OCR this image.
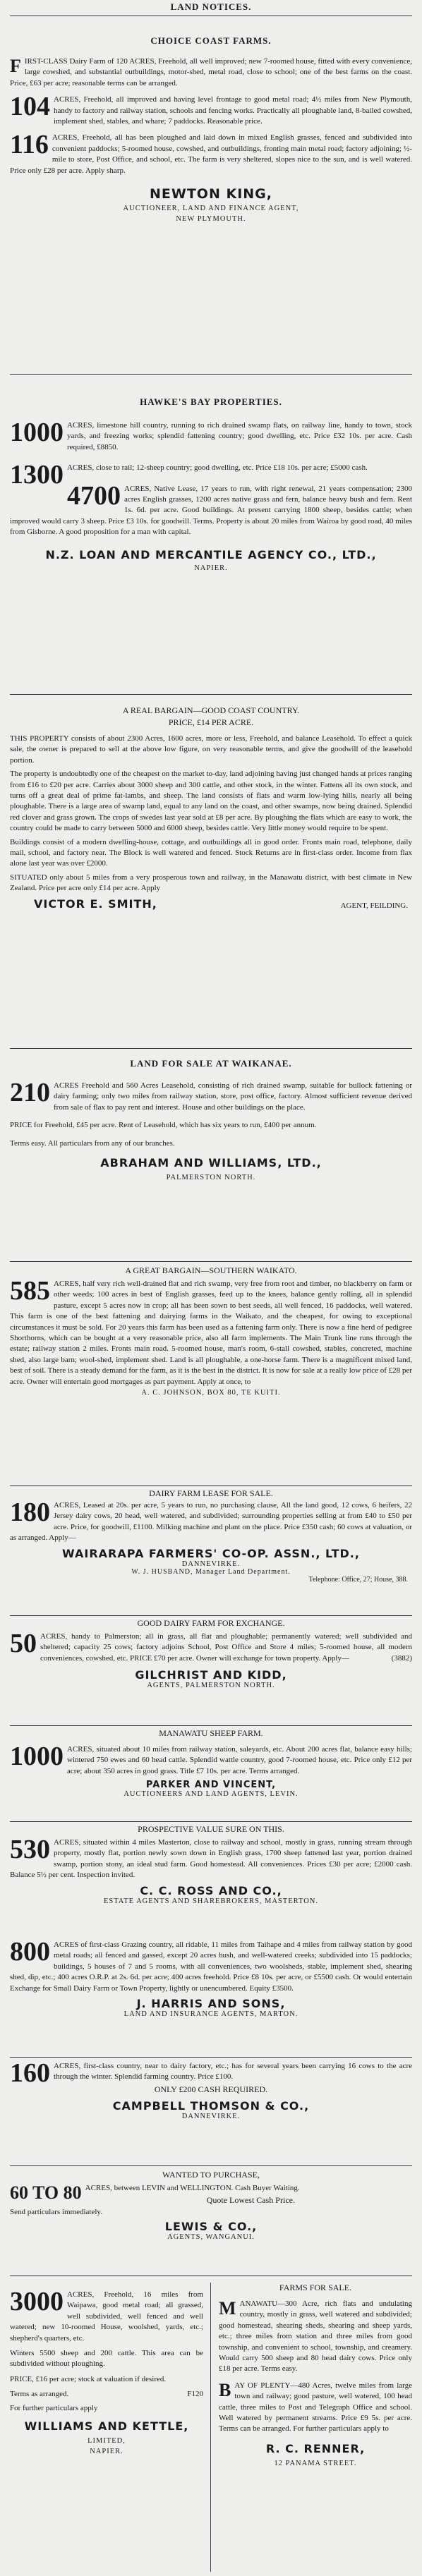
LAND NOTICES.
CHOICE COAST FARMS.
F IRST-CLASS Dairy Farm of 120 ACRES, Freehold, all well improved; new 7-roomed house, fitted with every convenience, large cowshed, and substantial outbuildings, motor-shed, metal road, close to school; one of the best farms on the coast. Price, £63 per acre; reasonable terms can be arranged.
104 ACRES, Freehold, all improved and having level frontage to good metal road; 4½ miles from New Plymouth, handy to factory and railway station, schools and fencing works. Practically all ploughable land, 8-bailed cowshed, implement shed, stables, and whare; 7 paddocks. Reasonable price.
116 ACRES, Freehold, all has been ploughed and laid down in mixed English grasses, fenced and subdivided into convenient paddocks; 5-roomed house, cowshed, and outbuildings, fronting main metal road; factory adjoining; ½-mile to store, Post Office, and school, etc. The farm is very sheltered, slopes nice to the sun, and is well watered. Price only £28 per acre. Apply sharp.
NEWTON KING,
AUCTIONEER, LAND AND FINANCE AGENT,
NEW PLYMOUTH.
HAWKE'S BAY PROPERTIES.
1000 ACRES, limestone hill country, running to rich drained swamp flats, on railway line, handy to town, stock yards, and freezing works; splendid fattening country; good dwelling, etc. Price £32 10s. per acre. Cash required, £8850.
1300 ACRES, close to rail; 12-sheep country; good dwelling, etc. Price £18 10s. per acre; £5000 cash.
4700 ACRES, Native Lease, 17 years to run, with right renewal, 21 years compensation; 2300 acres English grasses, 1200 acres native grass and fern, balance heavy bush and fern. Rent 1s. 6d. per acre. Good buildings. At present carrying 1800 sheep, besides cattle; when improved would carry 3 sheep. Price £3 10s. for goodwill. Terms. Property is about 20 miles from Wairoa by good road, 40 miles from Gisborne. A good proposition for a man with capital.
N.Z. LOAN AND MERCANTILE AGENCY CO., LTD.,
NAPIER.
A REAL BARGAIN—GOOD COAST COUNTRY.
PRICE, £14 PER ACRE.
THIS PROPERTY consists of about 2300 Acres, 1600 acres, more or less, Freehold, and balance Leasehold. To effect a quick sale, the owner is prepared to sell at the above low figure, on very reasonable terms, and give the goodwill of the leasehold portion.
The property is undoubtedly one of the cheapest on the market to-day, land adjoining having just changed hands at prices ranging from £16 to £20 per acre. Carries about 3000 sheep and 300 cattle, and other stock, in the winter. Fattens all its own stock, and turns off a great deal of prime fat-lambs, and sheep. The land consists of flats and warm low-lying hills, nearly all being ploughable. There is a large area of swamp land, equal to any land on the coast, and other swamps, now being drained. Splendid red clover and grass grown. The crops of swedes last year sold at £8 per acre. By ploughing the flats which are easy to work, the country could be made to carry between 5000 and 6000 sheep, besides cattle. Very little money would require to be spent.
Buildings consist of a modern dwelling-house, cottage, and outbuildings all in good order. Fronts main road, telephone, daily mail, school, and factory near. The Block is well watered and fenced. Stock Returns are in first-class order. Income from flax alone last year was over £2000.
SITUATED only about 5 miles from a very prosperous town and railway, in the Manawatu district, with best climate in New Zealand. Price per acre only £14 per acre. Apply
VICTOR E. SMITH,	AGENT, FEILDING.
LAND FOR SALE AT WAIKANAE.
210 ACRES Freehold and 560 Acres Leasehold, consisting of rich drained swamp, suitable for bullock fattening or dairy farming; only two miles from railway station, store, post office, factory. Almost sufficient revenue derived from sale of flax to pay rent and interest. House and other buildings on the place.
PRICE for Freehold, £45 per acre. Rent of Leasehold, which has six years to run, £400 per annum.
Terms easy. All particulars from any of our branches.
ABRAHAM AND WILLIAMS, LTD.,
PALMERSTON NORTH.
A GREAT BARGAIN—SOUTHERN WAIKATO.
585 ACRES, half very rich well-drained flat and rich swamp, very free from root and timber, no blackberry on farm or other weeds; 100 acres in best of English grasses, feed up to the knees, balance gently rolling, all in splendid pasture, except 5 acres now in crop; all has been sown to best seeds, all well fenced, 16 paddocks, well watered. This farm is one of the best fattening and dairying farms in the Waikato, and the cheapest, for owing to exceptional circumstances it must be sold. For 20 years this farm has been used as a fattening farm only. There is now a fine herd of pedigree Shorthorns, which can be bought at a very reasonable price, also all farm implements. The Main Trunk line runs through the estate; railway station 2 miles. Fronts main road. 5-roomed house, man's room, 6-stall cowshed, stables, concreted, machine shed, also large barn; wool-shed, implement shed. Land is all ploughable, a one-horse farm. There is a magnificent mixed land, best of soil. There is a steady demand for the farm, as it is the best in the district. It is now for sale at a really low price of £28 per acre. Owner will entertain good mortgages as part payment. Apply at once, to
A. C. JOHNSON, BOX 80, TE KUITI.
DAIRY FARM LEASE FOR SALE.
180 ACRES, Leased at 20s. per acre, 5 years to run, no purchasing clause, All the land good, 12 cows, 6 heifers, 22 Jersey dairy cows, 20 head, well watered, and subdivided; surrounding properties selling at from £40 to £50 per acre. Price, for goodwill, £1100. Milking machine and plant on the place. Price £350 cash; 60 cows at valuation, or as arranged. Apply—
WAIRARAPA FARMERS' CO-OP. ASSN., LTD.,
DANNEVIRKE.
W. J. HUSBAND, Manager Land Department.
Telephone: Office, 27; House, 388.
GOOD DAIRY FARM FOR EXCHANGE.
50 ACRES, handy to Palmerston; all in grass, all flat and ploughable; permanently watered; well subdivided and sheltered; capacity 25 cows; factory adjoins School, Post Office and Store 4 miles; 5-roomed house, all modern conveniences, cowshed, etc. PRICE £70 per acre. Owner will exchange for town property. Apply—	(3882)
GILCHRIST AND KIDD,
AGENTS, PALMERSTON NORTH.
MANAWATU SHEEP FARM.
1000 ACRES, situated about 10 miles from railway station, saleyards, etc. About 200 acres flat, balance easy hills; wintered 750 ewes and 60 head cattle. Splendid wattle country, good 7-roomed house, etc. Price only £12 per acre; about 350 acres in good grass. Title £7 10s. per acre. Terms arranged.
PARKER AND VINCENT,
AUCTIONEERS AND LAND AGENTS, LEVIN.
PROSPECTIVE VALUE SURE ON THIS.
530 ACRES, situated within 4 miles Masterton, close to railway and school, mostly in grass, running stream through property, mostly flat, portion newly sown down in English grass, 1700 sheep fattened last year, portion drained swamp, portion stony, an ideal stud farm. Good homestead. All conveniences. Prices £30 per acre; £2000 cash. Balance 5½ per cent. Inspection invited.
C. C. ROSS AND CO.,
ESTATE AGENTS AND SHAREBROKERS, MASTERTON.
800 ACRES of first-class Grazing country, all ridable, 11 miles from Taihape and 4 miles from railway station by good metal roads; all fenced and gassed, except 20 acres bush, and well-watered creeks; subdivided into 15 paddocks; buildings, 5 houses of 7 and 5 rooms, with all conveniences, two woolsheds, stable, implement shed, shearing shed, dip, etc.; 400 acres O.R.P. at 2s. 6d. per acre; 400 acres freehold. Price £8 10s. per acre, or £5500 cash. Or would entertain Exchange for Small Dairy Farm or Town Property, lightly or unencumbered. Equity £3500.
J. HARRIS AND SONS,
LAND AND INSURANCE AGENTS, MARTON.
160 ACRES, first-class country, near to dairy factory, etc.; has for several years been carrying 16 cows to the acre through the winter. Splendid farming country. Price £100.
ONLY £200 CASH REQUIRED.
CAMPBELL THOMSON & CO.,
DANNEVIRKE.
WANTED TO PURCHASE,
60 TO 80 ACRES, between LEVIN and WELLINGTON. Cash Buyer Waiting.
Quote Lowest Cash Price.
Send particulars immediately.
LEWIS & CO.,
AGENTS, WANGANUI.
3000 ACRES, Freehold, 16 miles from Waipawa, good metal road; all grassed, well subdivided, well fenced and well watered; new 10-roomed House, woolshed, yards, etc.; shepherd's quarters, etc.
Winters 5500 sheep and 200 cattle. This area can be subdivided without ploughing.
PRICE, £16 per acre; stock at valuation if desired.
Terms as arranged.	F120
For further particulars apply
WILLIAMS AND KETTLE,
LIMITED,
NAPIER.
FARMS FOR SALE.
M ANAWATU—300 Acre, rich flats and undulating country, mostly in grass, well watered and subdivided; good homestead, shearing sheds, shearing and sheep yards, etc.; three miles from station and three miles from good township, and convenient to school, township, and creamery. Would carry 500 sheep and 80 head dairy cows. Price only £18 per acre. Terms easy.
B AY OF PLENTY—480 Acres, twelve miles from large town and railway; good pasture, well watered, 100 head cattle, three miles to Post and Telegraph Office and school. Well watered by permanent streams. Price £9 5s. per acre. Terms can be arranged. For further particulars apply to
R. C. RENNER,
12 PANAMA STREET.
